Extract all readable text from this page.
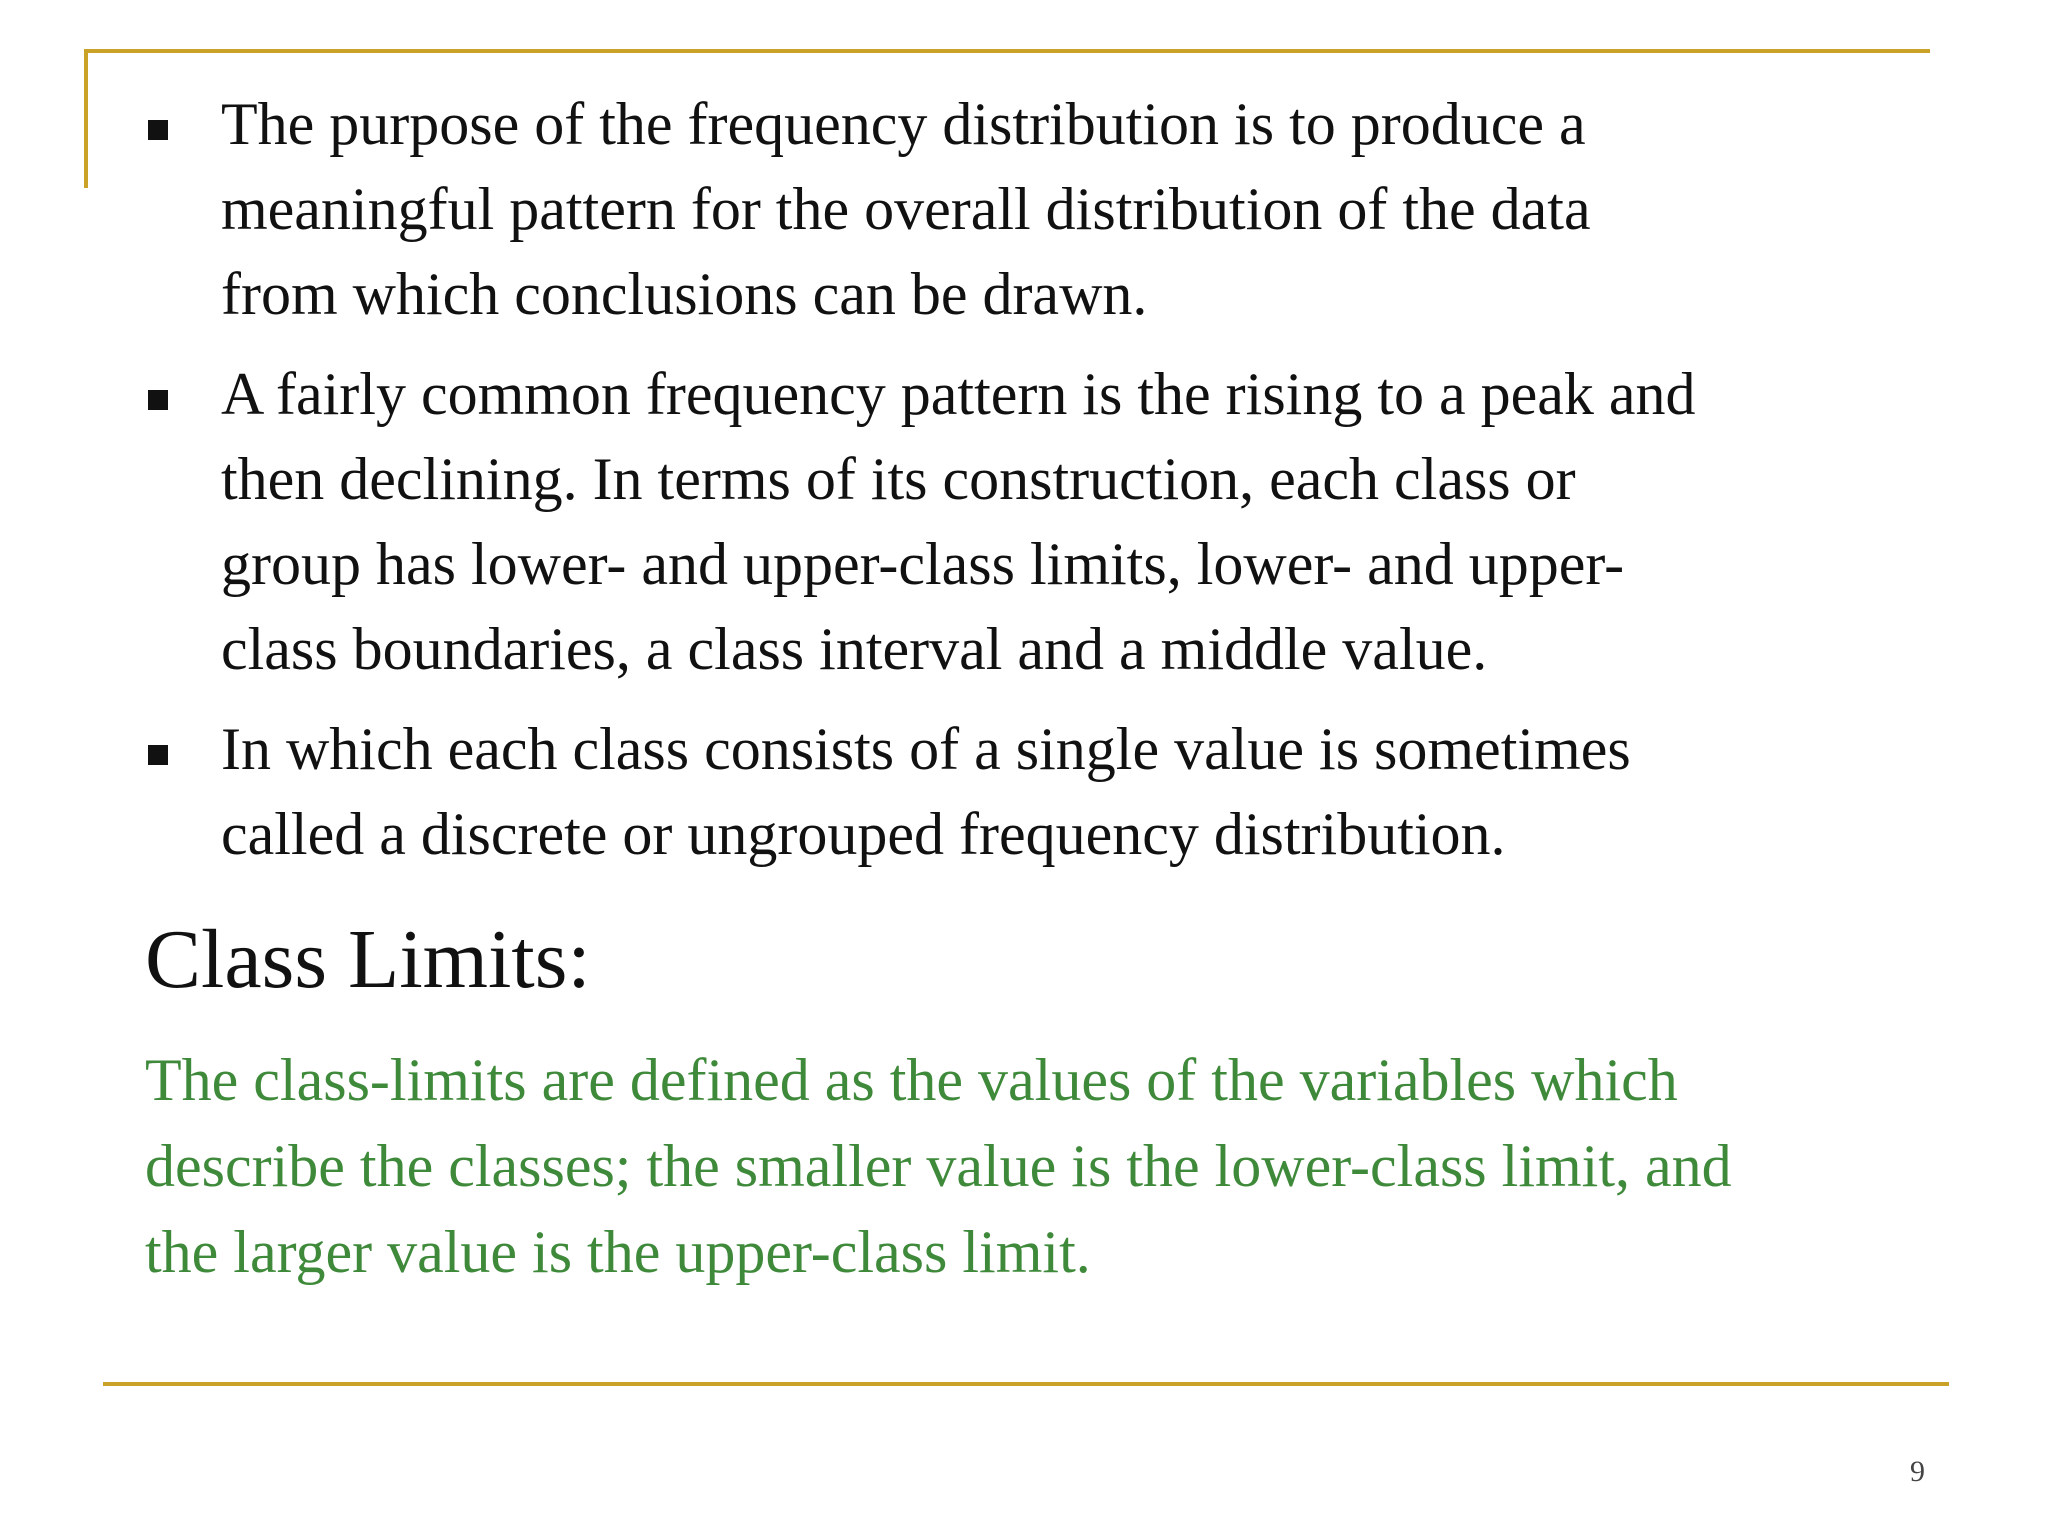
The purpose of the frequency distribution is to produce a
meaningful pattern for the overall distribution of the data
from which conclusions can be drawn.
A fairly common frequency pattern is the rising to a peak and
then declining. In terms of its construction, each class or
group has lower- and upper-class limits, lower- and upper-
class boundaries, a class interval and a middle value.
In which each class consists of a single value is sometimes
called a discrete or ungrouped frequency distribution.
Class Limits:

The class-limits are defined as the values of the variables which
describe the classes; the smaller value is the lower-class limit, and
the larger value is the upper-class limit.

9
